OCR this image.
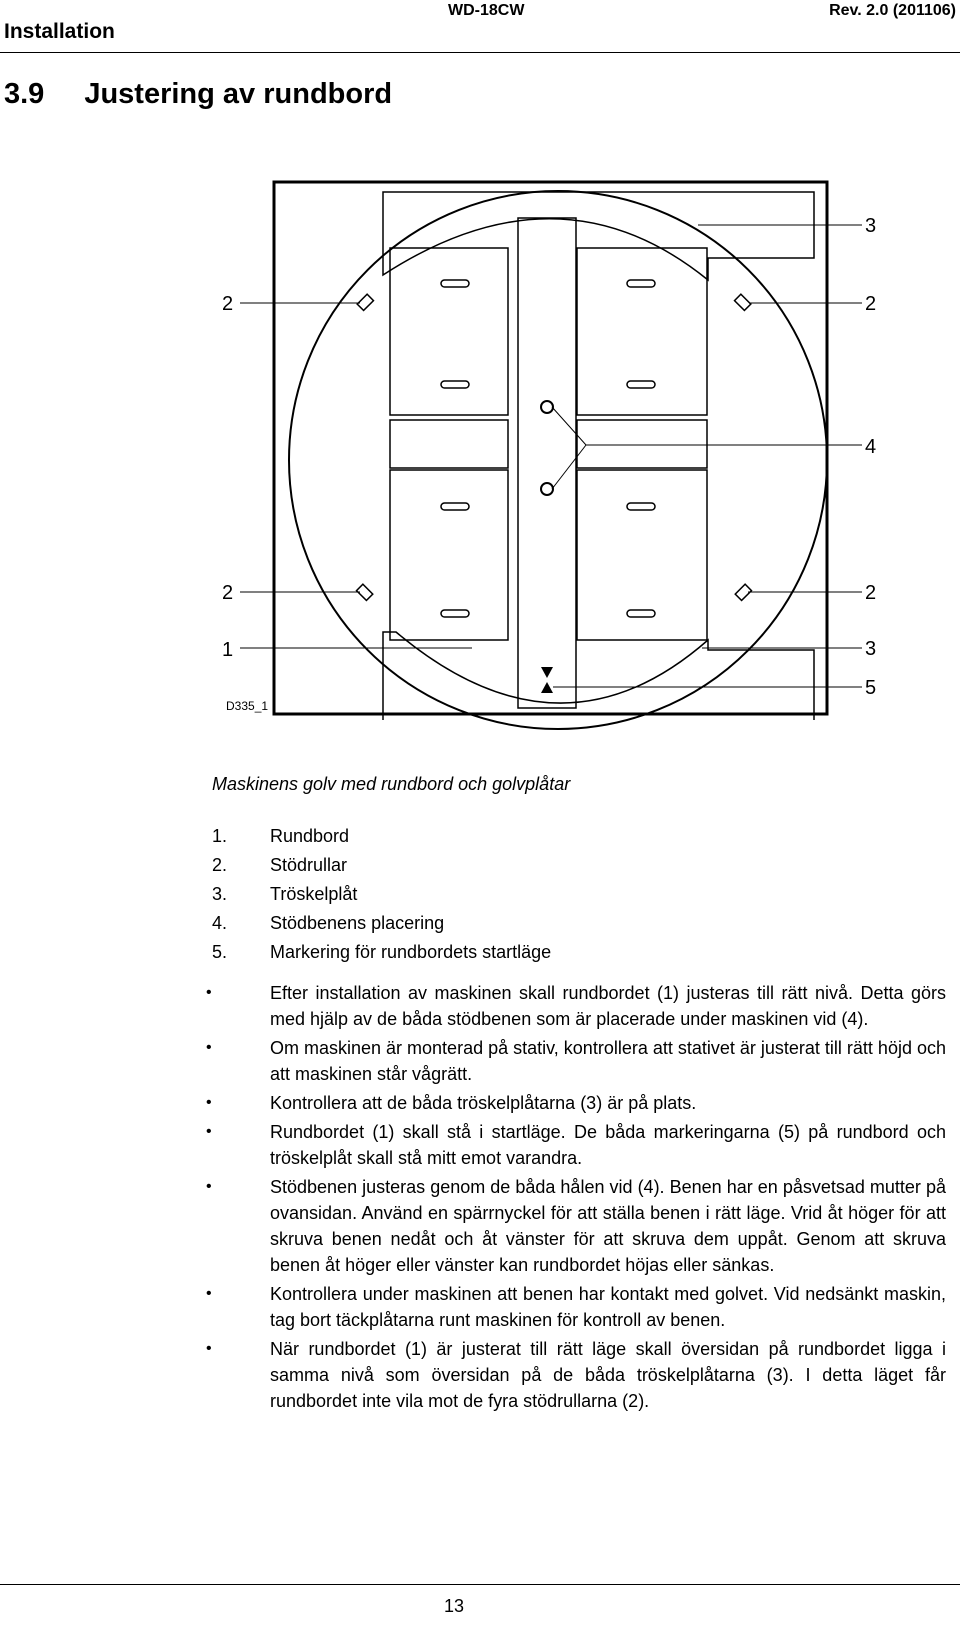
Installation
WD-18CW	Rev. 2.0 (201106)
3.9 Justering av rundbord
2
2
1
3
2
4
2
3
5
D335_1
Maskinens golv med rundbord och golvplåtar
1.	Rundbord
2.	Stödrullar
3.	Tröskelplåt
4.	Stödbenens placering
5.	Markering för rundbordets startläge
• Efter installation av maskinen skall rundbordet (1) justeras till rätt nivå. Detta görs med hjälp av de båda stödbenen som är placerade under maskinen vid (4).
• Om maskinen är monterad på stativ, kontrollera att stativet är justerat till rätt höjd och att maskinen står vågrätt.
• Kontrollera att de båda tröskelplåtarna (3) är på plats.
• Rundbordet (1) skall stå i startläge. De båda markeringarna (5) på rundbord och tröskelplåt skall stå mitt emot varandra.
• Stödbenen justeras genom de båda hålen vid (4). Benen har en påsvetsad mutter på ovansidan. Använd en spärrnyckel för att ställa benen i rätt läge. Vrid åt höger för att skruva benen nedåt och åt vänster för att skruva dem uppåt. Genom att skruva benen åt höger eller vänster kan rundbordet höjas eller sänkas.
• Kontrollera under maskinen att benen har kontakt med golvet. Vid nedsänkt maskin, tag bort täckplåtarna runt maskinen för kontroll av benen.
• När rundbordet (1) är justerat till rätt läge skall översidan på rundbordet ligga i samma nivå som översidan på de båda tröskelplåtarna (3). I detta läget får rundbordet inte vila mot de fyra stödrullarna (2).
13
